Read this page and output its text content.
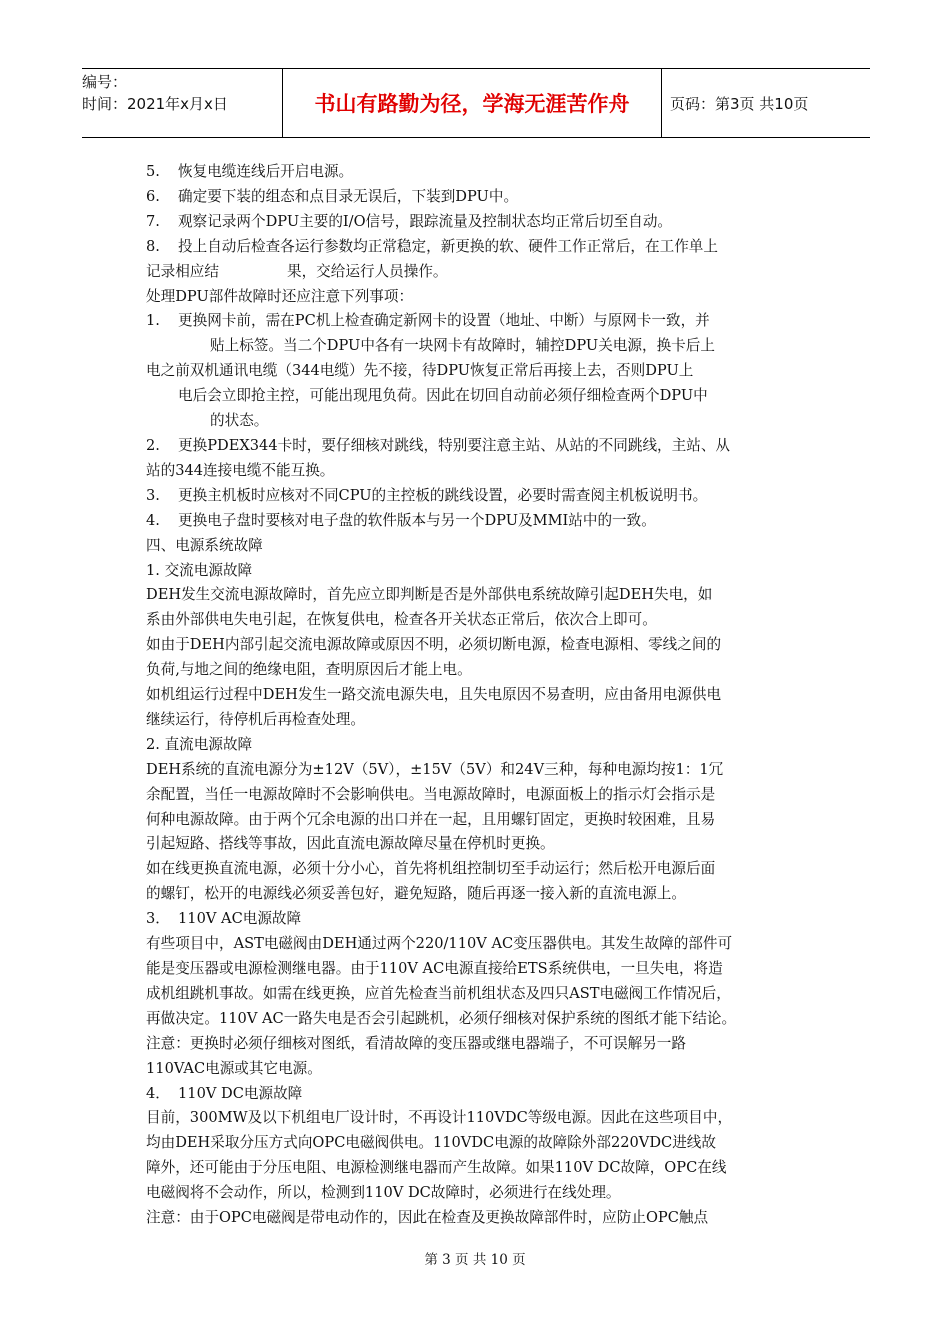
编号：
时间：2021年x月x日	书山有路勤为径，学海无涯苦作舟	页码：第3页 共10页
5. 恢复电缆连线后开启电源。
6. 确定要下装的组态和点目录无误后，下装到DPU中。
7. 观察记录两个DPU主要的I/O信号，跟踪流量及控制状态均正常后切至自动。
8. 投上自动后检查各运行参数均正常稳定，新更换的软、硬件工作正常后，在工作单上
记录相应结	果，交给运行人员操作。
处理DPU部件故障时还应注意下列事项：
1. 更换网卡前，需在PC机上检查确定新网卡的设置（地址、中断）与原网卡一致，并
贴上标签。当二个DPU中各有一块网卡有故障时，辅控DPU关电源，换卡后上
电之前双机通讯电缆（344电缆）先不接，待DPU恢复正常后再接上去，否则DPU上
电后会立即抢主控，可能出现甩负荷。因此在切回自动前必须仔细检查两个DPU中
的状态。
2. 更换PDEX344卡时，要仔细核对跳线，特别要注意主站、从站的不同跳线，主站、从
站的344连接电缆不能互换。
3. 更换主机板时应核对不同CPU的主控板的跳线设置，必要时需查阅主机板说明书。
4. 更换电子盘时要核对电子盘的软件版本与另一个DPU及MMI站中的一致。
四、电源系统故障
1. 交流电源故障
DEH发生交流电源故障时，首先应立即判断是否是外部供电系统故障引起DEH失电，如
系由外部供电失电引起，在恢复供电，检查各开关状态正常后，依次合上即可。
如由于DEH内部引起交流电源故障或原因不明，必须切断电源，检查电源相、零线之间的
负荷,与地之间的绝缘电阻，查明原因后才能上电。
如机组运行过程中DEH发生一路交流电源失电，且失电原因不易查明，应由备用电源供电
继续运行，待停机后再检查处理。
2. 直流电源故障
DEH系统的直流电源分为±12V（5V），±15V（5V）和24V三种，每种电源均按1：1冗
余配置，当任一电源故障时不会影响供电。当电源故障时，电源面板上的指示灯会指示是
何种电源故障。由于两个冗余电源的出口并在一起，且用螺钉固定，更换时较困难，且易
引起短路、搭线等事故，因此直流电源故障尽量在停机时更换。
如在线更换直流电源，必须十分小心，首先将机组控制切至手动运行；然后松开电源后面
的螺钉，松开的电源线必须妥善包好，避免短路，随后再逐一接入新的直流电源上。
3． 110V AC电源故障
有些项目中，AST电磁阀由DEH通过两个220/110V AC变压器供电。其发生故障的部件可
能是变压器或电源检测继电器。由于110V AC电源直接给ETS系统供电，一旦失电，将造
成机组跳机事故。如需在线更换，应首先检查当前机组状态及四只AST电磁阀工作情况后，
再做决定。110V AC一路失电是否会引起跳机，必须仔细核对保护系统的图纸才能下结论。
注意：更换时必须仔细核对图纸，看清故障的变压器或继电器端子，不可误解另一路
110VAC电源或其它电源。
4． 110V DC电源故障
目前，300MW及以下机组电厂设计时，不再设计110VDC等级电源。因此在这些项目中，
均由DEH采取分压方式向OPC电磁阀供电。110VDC电源的故障除外部220VDC进线故
障外，还可能由于分压电阻、电源检测继电器而产生故障。如果110V DC故障，OPC在线
电磁阀将不会动作，所以，检测到110V DC故障时，必须进行在线处理。
注意：由于OPC电磁阀是带电动作的，因此在检查及更换故障部件时，应防止OPC触点
第 3 页 共 10 页
